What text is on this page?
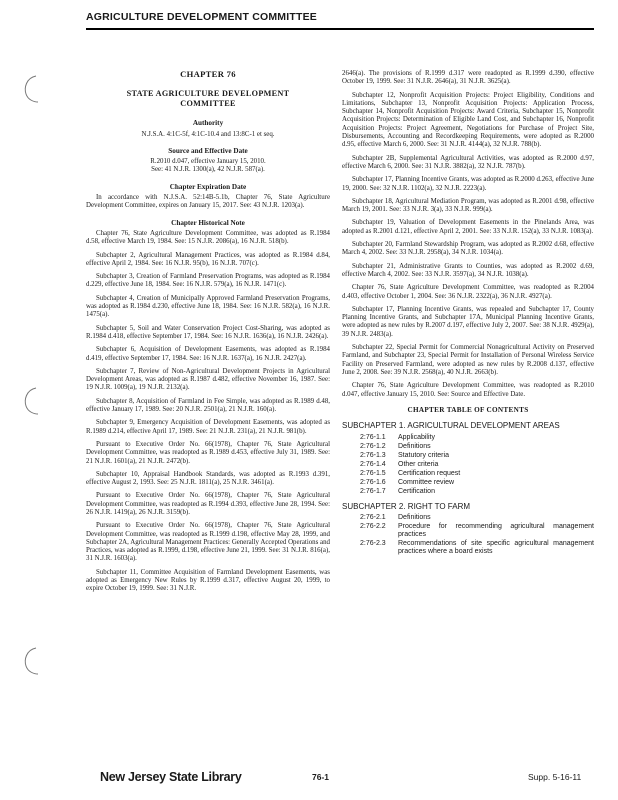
AGRICULTURE DEVELOPMENT COMMITTEE
CHAPTER 76
STATE AGRICULTURE DEVELOPMENT
COMMITTEE
Authority
N.J.S.A. 4:1C-5f, 4:1C-10.4 and 13:8C-1 et seq.
Source and Effective Date
R.2010 d.047, effective January 15, 2010.
See: 41 N.J.R. 1300(a), 42 N.J.R. 587(a).
Chapter Expiration Date
In accordance with N.J.S.A. 52:14B-5.1b, Chapter 76, State Agriculture Development Committee, expires on January 15, 2017. See: 43 N.J.R. 1203(a).
Chapter Historical Note
Chapter 76, State Agriculture Development Committee, was adopted as R.1984 d.58, effective March 19, 1984. See: 15 N.J.R. 2086(a), 16 N.J.R. 518(b).
Subchapter 2, Agricultural Management Practices, was adopted as R.1984 d.84, effective April 2, 1984. See: 16 N.J.R. 95(b), 16 N.J.R. 707(c).
Subchapter 3, Creation of Farmland Preservation Programs, was adopted as R.1984 d.229, effective June 18, 1984. See: 16 N.J.R. 579(a), 16 N.J.R. 1471(c).
Subchapter 4, Creation of Municipally Approved Farmland Preservation Programs, was adopted as R.1984 d.230, effective June 18, 1984. See: 16 N.J.R. 582(a), 16 N.J.R. 1475(a).
Subchapter 5, Soil and Water Conservation Project Cost-Sharing, was adopted as R.1984 d.418, effective September 17, 1984. See: 16 N.J.R. 1636(a), 16 N.J.R. 2426(a).
Subchapter 6, Acquisition of Development Easements, was adopted as R.1984 d.419, effective September 17, 1984. See: 16 N.J.R. 1637(a), 16 N.J.R. 2427(a).
Subchapter 7, Review of Non-Agricultural Development Projects in Agricultural Development Areas, was adopted as R.1987 d.482, effective November 16, 1987. See: 19 N.J.R. 1009(a), 19 N.J.R. 2132(a).
Subchapter 8, Acquisition of Farmland in Fee Simple, was adopted as R.1989 d.48, effective January 17, 1989. See: 20 N.J.R. 2501(a), 21 N.J.R. 160(a).
Subchapter 9, Emergency Acquisition of Development Easements, was adopted as R.1989 d.214, effective April 17, 1989. See: 21 N.J.R. 231(a), 21 N.J.R. 981(b).
Pursuant to Executive Order No. 66(1978), Chapter 76, State Agricultural Development Committee, was readopted as R.1989 d.453, effective July 31, 1989. See: 21 N.J.R. 1601(a), 21 N.J.R. 2472(b).
Subchapter 10, Appraisal Handbook Standards, was adopted as R.1993 d.391, effective August 2, 1993. See: 25 N.J.R. 1811(a), 25 N.J.R. 3461(a).
Pursuant to Executive Order No. 66(1978), Chapter 76, State Agricultural Development Committee, was readopted as R.1994 d.393, effective June 28, 1994. See: 26 N.J.R. 1419(a), 26 N.J.R. 3159(b).
Pursuant to Executive Order No. 66(1978), Chapter 76, State Agricultural Development Committee, was readopted as R.1999 d.198, effective May 28, 1999, and Subchapter 2A, Agricultural Management Practices: Generally Accepted Operations and Practices, was adopted as R.1999, d.198, effective June 21, 1999. See: 31 N.J.R. 816(a), 31 N.J.R. 1603(a).
Subchapter 11, Committee Acquisition of Farmland Development Easements, was adopted as Emergency New Rules by R.1999 d.317, effective August 20, 1999, to expire October 19, 1999. See: 31 N.J.R.
2646(a). The provisions of R.1999 d.317 were readopted as R.1999 d.390, effective October 19, 1999. See: 31 N.J.R. 2646(a), 31 N.J.R. 3625(a).
Subchapter 12, Nonprofit Acquisition Projects: Project Eligibility, Conditions and Limitations, Subchapter 13, Nonprofit Acquisition Projects: Application Process, Subchapter 14, Nonprofit Acquisition Projects: Award Criteria, Subchapter 15, Nonprofit Acquisition Projects: Determination of Eligible Land Cost, and Subchapter 16, Nonprofit Acquisition Projects: Project Agreement, Negotiations for Purchase of Project Site, Disbursements, Accounting and Recordkeeping Requirements, were adopted as R.2000 d.95, effective March 6, 2000. See: 31 N.J.R. 4144(a), 32 N.J.R. 788(b).
Subchapter 2B, Supplemental Agricultural Activities, was adopted as R.2000 d.97, effective March 6, 2000. See: 31 N.J.R. 3882(a), 32 N.J.R. 787(b).
Subchapter 17, Planning Incentive Grants, was adopted as R.2000 d.263, effective June 19, 2000. See: 32 N.J.R. 1102(a), 32 N.J.R. 2223(a).
Subchapter 18, Agricultural Mediation Program, was adopted as R.2001 d.98, effective March 19, 2001. See: 33 N.J.R. 3(a), 33 N.J.R. 999(a).
Subchapter 19, Valuation of Development Easements in the Pinelands Area, was adopted as R.2001 d.121, effective April 2, 2001. See: 33 N.J.R. 152(a), 33 N.J.R. 1083(a).
Subchapter 20, Farmland Stewardship Program, was adopted as R.2002 d.68, effective March 4, 2002. See: 33 N.J.R. 2958(a), 34 N.J.R. 1034(a).
Subchapter 21, Administrative Grants to Counties, was adopted as R.2002 d.69, effective March 4, 2002. See: 33 N.J.R. 3597(a), 34 N.J.R. 1038(a).
Chapter 76, State Agriculture Development Committee, was readopted as R.2004 d.403, effective October 1, 2004. See: 36 N.J.R. 2322(a), 36 N.J.R. 4927(a).
Subchapter 17, Planning Incentive Grants, was repealed and Subchapter 17, County Planning Incentive Grants, and Subchapter 17A, Municipal Planning Incentive Grants, were adopted as new rules by R.2007 d.197, effective July 2, 2007. See: 38 N.J.R. 4929(a), 39 N.J.R. 2483(a).
Subchapter 22, Special Permit for Commercial Nonagricultural Activity on Preserved Farmland, and Subchapter 23, Special Permit for Installation of Personal Wireless Service Facility on Preserved Farmland, were adopted as new rules by R.2008 d.137, effective June 2, 2008. See: 39 N.J.R. 2568(a), 40 N.J.R. 2663(b).
Chapter 76, State Agriculture Development Committee, was readopted as R.2010 d.047, effective January 15, 2010. See: Source and Effective Date.
CHAPTER TABLE OF CONTENTS
SUBCHAPTER 1. AGRICULTURAL DEVELOPMENT AREAS
2:76-1.1	Applicability
2:76-1.2	Definitions
2:76-1.3	Statutory criteria
2:76-1.4	Other criteria
2:76-1.5	Certification request
2:76-1.6	Committee review
2:76-1.7	Certification
SUBCHAPTER 2. RIGHT TO FARM
2:76-2.1	Definitions
2:76-2.2	Procedure for recommending agricultural management practices
2:76-2.3	Recommendations of site specific agricultural management practices where a board exists
New Jersey State Library	76-1	Supp. 5-16-11
